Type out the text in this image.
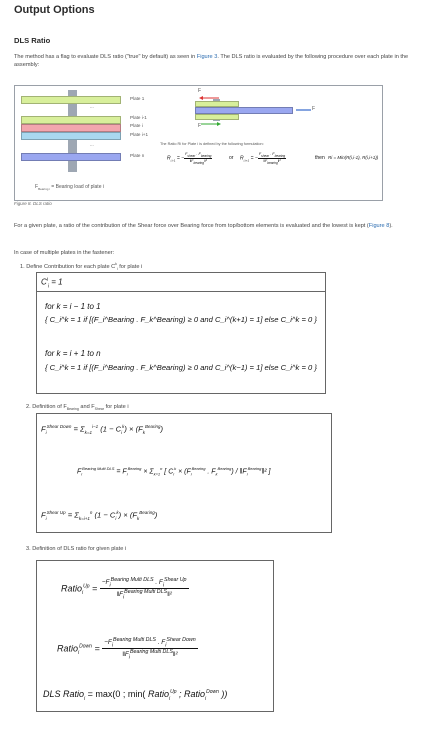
Output Options
DLS Ratio
The method has a flag to evaluate DLS ratio ("true" by default) as seen in Figure 3. The DLS ratio is evaluated by the following procedure over each plate in the assembly:
Plate 1
...
Plate i-1
Plate i
Plate i+1
...
Plate n
F
F
F
The Ratio Ri for Plate i is defined by the following formulation:
$R_{i,i-1}$ = −
$F_{shear}$ . $F_{bearing}$
$‖F_{bearing}‖^2$	or $R_{i,i+1}$ = −
$F_{shear}$ . $F_{bearing}$
$‖F_{bearing}‖^2$	then Ri = Min(R(i,i-1), R(i,i+1))
$F_{Bearing i}$ = Bearing load of plate i
Figure 8. DLS ratio
For a given plate, a ratio of the contribution of the Shear force over Bearing force from top/bottom elements is evaluated and the lowest is kept (Figure 8).
In case of multiple plates in the fastener:
1. Define Contribution for each plate $C^k_i$ for plate i
$C^i_i = 1$
for k = i − 1 to 1
{ C_i^k = 1 if [(F_i^Bearing . F_k^Bearing) ≥ 0 and C_i^(k+1) = 1] else C_i^k = 0 }
for k = i + 1 to n
{ C_i^k = 1 if [(F_i^Bearing . F_k^Bearing) ≥ 0 and C_i^(k−1) = 1] else C_i^k = 0 }
2. Definition of $F_{Bearing}$ and $F_{Shear}$ for plate i
$F_i^{Shear Down} = \Sigma_{k=1}^{i-1}$ $(1 - C_i^k) \times (F_k^{Bearing})$
$F_i^{Bearing Multi DLS} = F_i^{Bearing} \times \Sigma_{k=1}^n$ [ $C_i^k \times (F_i^{Bearing}$ . $F_k^{Bearing}$) / $‖F_i^{Bearing}‖^2$ ]
$F_i^{Shear Up} = \Sigma_{k=i+1}^n$ $(1 - C_i^k) \times (F_k^{Bearing})$
3. Definition of DLS ratio for given plate i
Ratio$_i^{Up}$ =
$-F_i^{Bearing Multi DLS}$ . $F_i^{Shear Up}$
$‖F_i^{Bearing Multi DLS}‖^2$
Ratio$_i^{Down}$ =
$-F_i^{Bearing Multi DLS}$ . $F_i^{Shear Down}$
$‖F_i^{Bearing Multi DLS}‖^2$
DLS Ratio$_i$ = max(0 ; min( Ratio$_i^{Up}$ ; Ratio$_i^{Down}$ ))
